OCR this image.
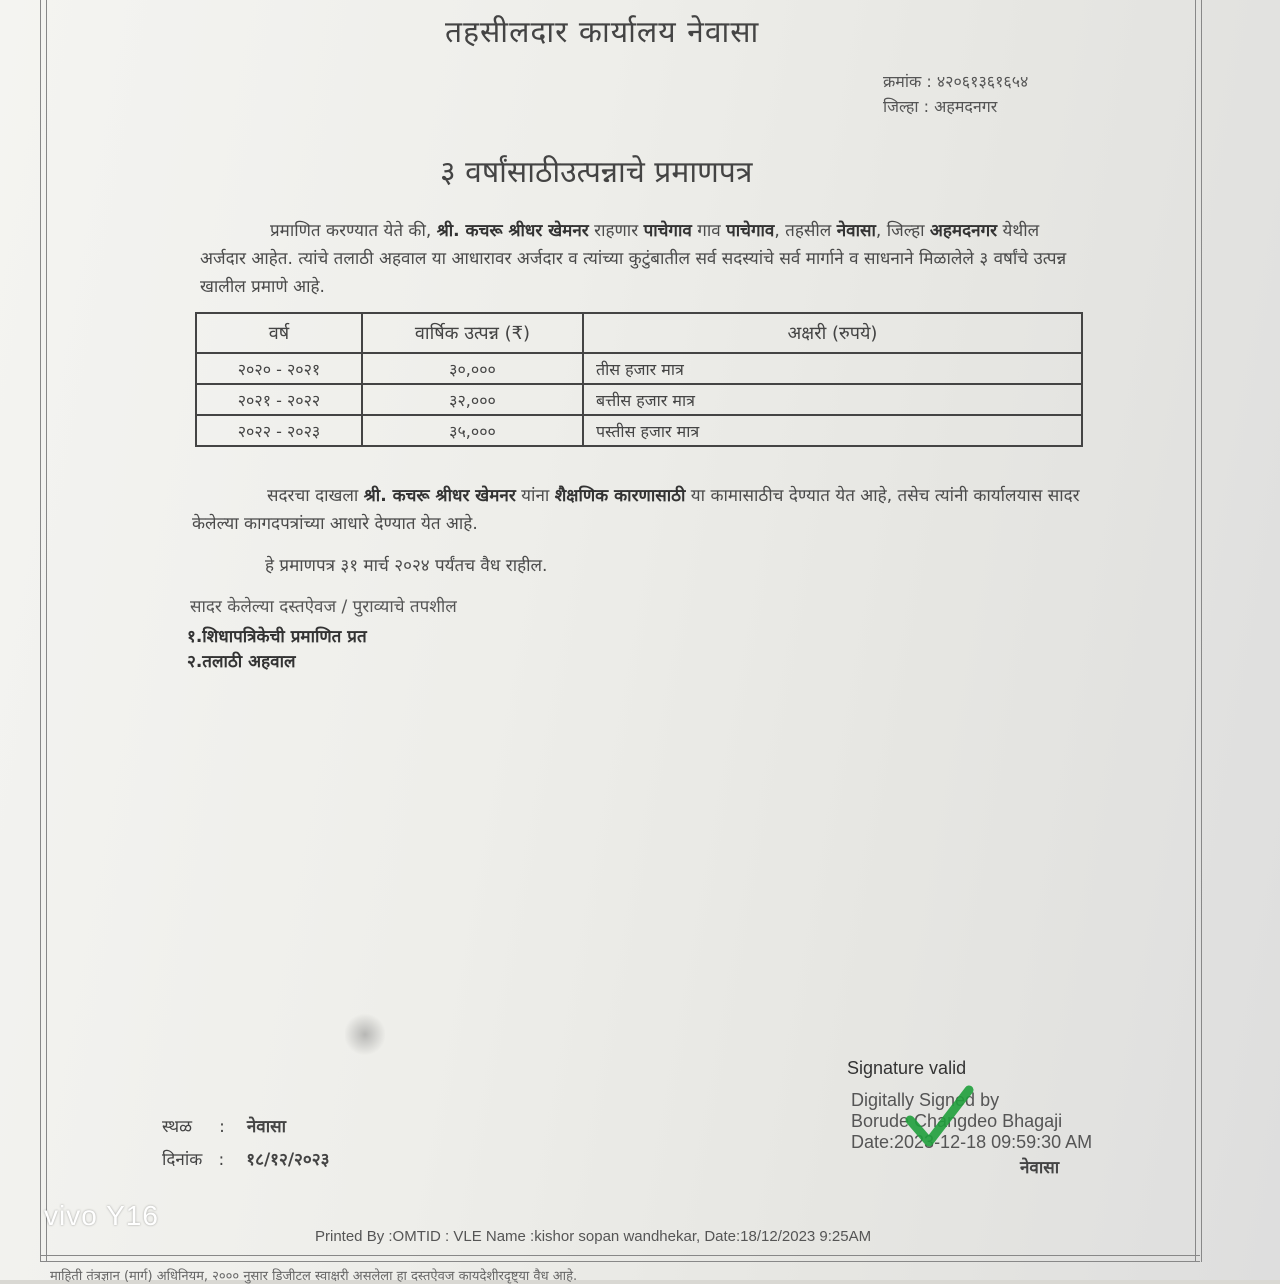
तहसीलदार कार्यालय नेवासा
क्रमांक : ४२०६१३६१६५४
जिल्हा : अहमदनगर
३ वर्षांसाठीउत्पन्नाचे प्रमाणपत्र
प्रमाणित करण्यात येते की, श्री. कचरू श्रीधर खेमनर राहणार पाचेगाव गाव पाचेगाव, तहसील नेवासा, जिल्हा अहमदनगर येथील अर्जदार आहेत. त्यांचे तलाठी अहवाल या आधारावर अर्जदार व त्यांच्या कुटुंबातील सर्व सदस्यांचे सर्व मार्गाने व साधनाने मिळालेले ३ वर्षांचे उत्पन्न खालील प्रमाणे आहे.
वर्ष	वार्षिक उत्पन्न (₹)	अक्षरी (रुपये)
२०२० - २०२१	३०,०००	तीस हजार मात्र
२०२१ - २०२२	३२,०००	बत्तीस हजार मात्र
२०२२ - २०२३	३५,०००	पस्तीस हजार मात्र
सदरचा दाखला श्री. कचरू श्रीधर खेमनर यांना शैक्षणिक कारणासाठी या कामासाठीच देण्यात येत आहे, तसेच त्यांनी कार्यालयास सादर केलेल्या कागदपत्रांच्या आधारे देण्यात येत आहे.
हे प्रमाणपत्र ३१ मार्च २०२४ पर्यंतच वैध राहील.
सादर केलेल्या दस्तऐवज / पुराव्याचे तपशील
१.शिधापत्रिकेची प्रमाणित प्रत
२.तलाठी अहवाल
स्थळ     : नेवासा
दिनांक   : १८/१२/२०२३
Signature valid
Digitally Signed by
Borude Changdeo Bhagaji
Date:2023-12-18 09:59:30 AM
नेवासा
vivo Y16
Printed By :OMTID : VLE Name :kishor sopan wandhekar, Date:18/12/2023 9:25AM
माहिती तंत्रज्ञान (मार्ग) अधिनियम, २००० नुसार डिजीटल स्वाक्षरी असलेला हा दस्तऐवज कायदेशीरदृष्ट्या वैध आहे.
